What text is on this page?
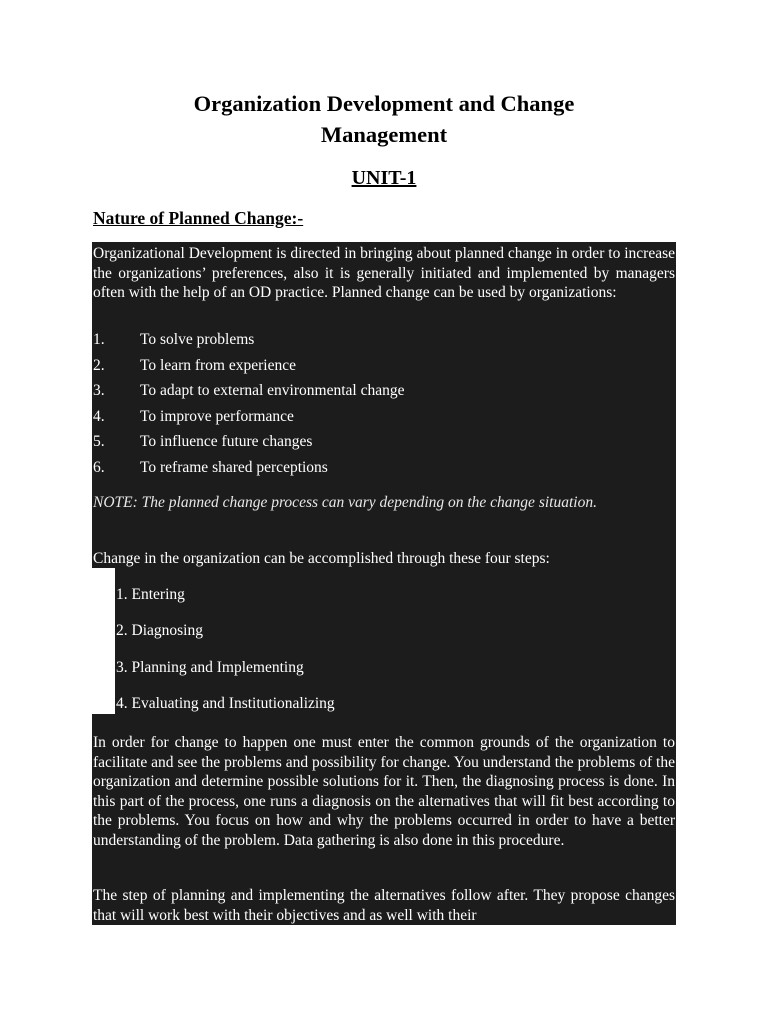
Organization Development and Change
Management
UNIT-1
Nature of Planned Change:-

Organizational Development is directed in bringing about planned change in order to increase the organizations’ preferences, also it is generally initiated and implemented by managers often with the help of an OD practice. Planned change can be used by organizations:

1.	To solve problems
2.	To learn from experience
3.	To adapt to external environmental change
4.	To improve performance
5.	To influence future changes
6.	To reframe shared perceptions

NOTE: The planned change process can vary depending on the change situation.

Change in the organization can be accomplished through these four steps:

1. Entering
2. Diagnosing
3. Planning and Implementing
4. Evaluating and Institutionalizing

In order for change to happen one must enter the common grounds of the organization to facilitate and see the problems and possibility for change. You understand the problems of the organization and determine possible solutions for it. Then, the diagnosing process is done. In this part of the process, one runs a diagnosis on the alternatives that will fit best according to the problems. You focus on how and why the problems occurred in order to have a better understanding of the problem. Data gathering is also done in this procedure.

The step of planning and implementing the alternatives follow after. They propose changes that will work best with their objectives and as well with their
